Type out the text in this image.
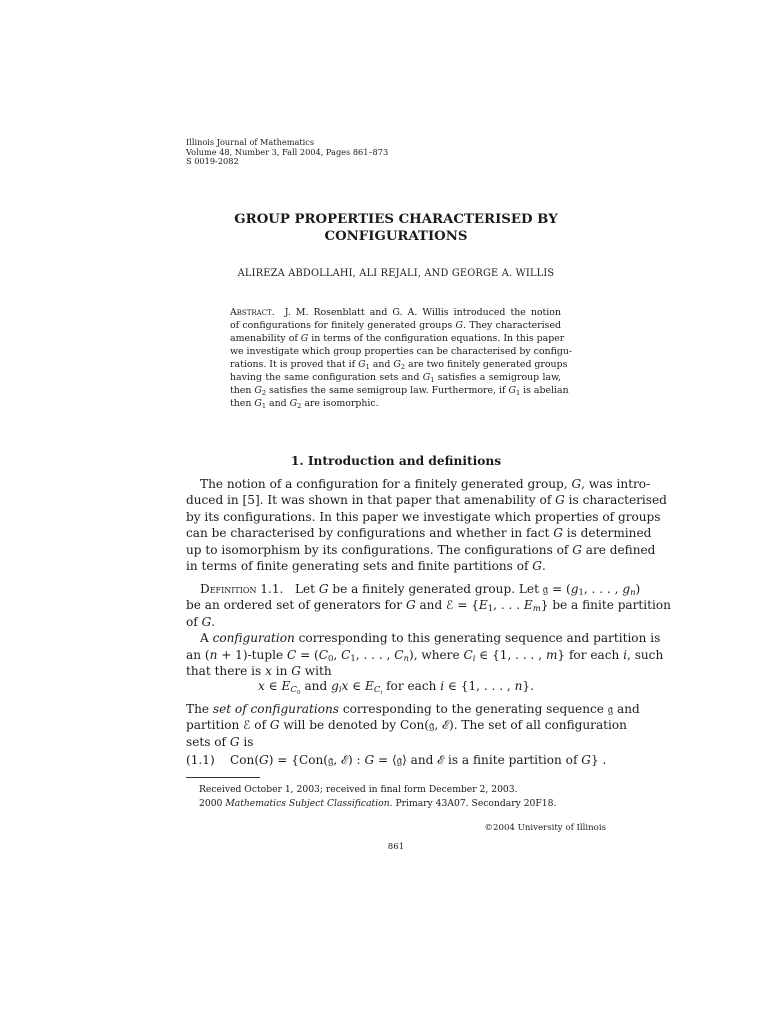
Illinois Journal of Mathematics
Volume 48, Number 3, Fall 2004, Pages 861–873
S 0019-2082
GROUP PROPERTIES CHARACTERISED BY
CONFIGURATIONS
ALIREZA ABDOLLAHI, ALI REJALI, AND GEORGE A. WILLIS
Abstract. J. M. Rosenblatt and G. A. Willis introduced the notion
of configurations for finitely generated groups G. They characterised
amenability of G in terms of the configuration equations. In this paper
we investigate which group properties can be characterised by configu-
rations. It is proved that if $G_1$ and $G_2$ are two finitely generated groups
having the same configuration sets and $G_1$ satisfies a semigroup law,
then $G_2$ satisfies the same semigroup law. Furthermore, if $G_1$ is abelian
then $G_1$ and $G_2$ are isomorphic.
1. Introduction and definitions
The notion of a configuration for a finitely generated group, G, was intro-
duced in [5]. It was shown in that paper that amenability of G is characterised
by its configurations. In this paper we investigate which properties of groups
can be characterised by configurations and whether in fact G is determined
up to isomorphism by its configurations. The configurations of G are defined
in terms of finite generating sets and finite partitions of G.
Definition 1.1. Let G be a finitely generated group. Let 𝔤 = ($g_1$, . . . , $g_n$)
be an ordered set of generators for G and ℰ = {$E_1$, . . . $E_m$} be a finite partition
of G.
A configuration corresponding to this generating sequence and partition is
an (n + 1)-tuple $C = (C_0$, $C_1$, . . . , $C_n$), where $C_i$ ∈ {1, . . . , m} for each i, such
that there is x in G with
x ∈ $E_{C_0}$ and $g_ix$ ∈ $E_{C_i}$ for each i ∈ {1, . . . , n}.
The set of configurations corresponding to the generating sequence 𝔤 and
partition ℰ of G will be denoted by Con(𝔤, ℰ). The set of all configuration
sets of G is
(1.1) Con(G) = {Con(𝔤, ℰ) : G = ⟨𝔤⟩ and ℰ is a finite partition of G} .
Received October 1, 2003; received in final form December 2, 2003.
2000 Mathematics Subject Classification. Primary 43A07. Secondary 20F18.
©2004 University of Illinois
861
